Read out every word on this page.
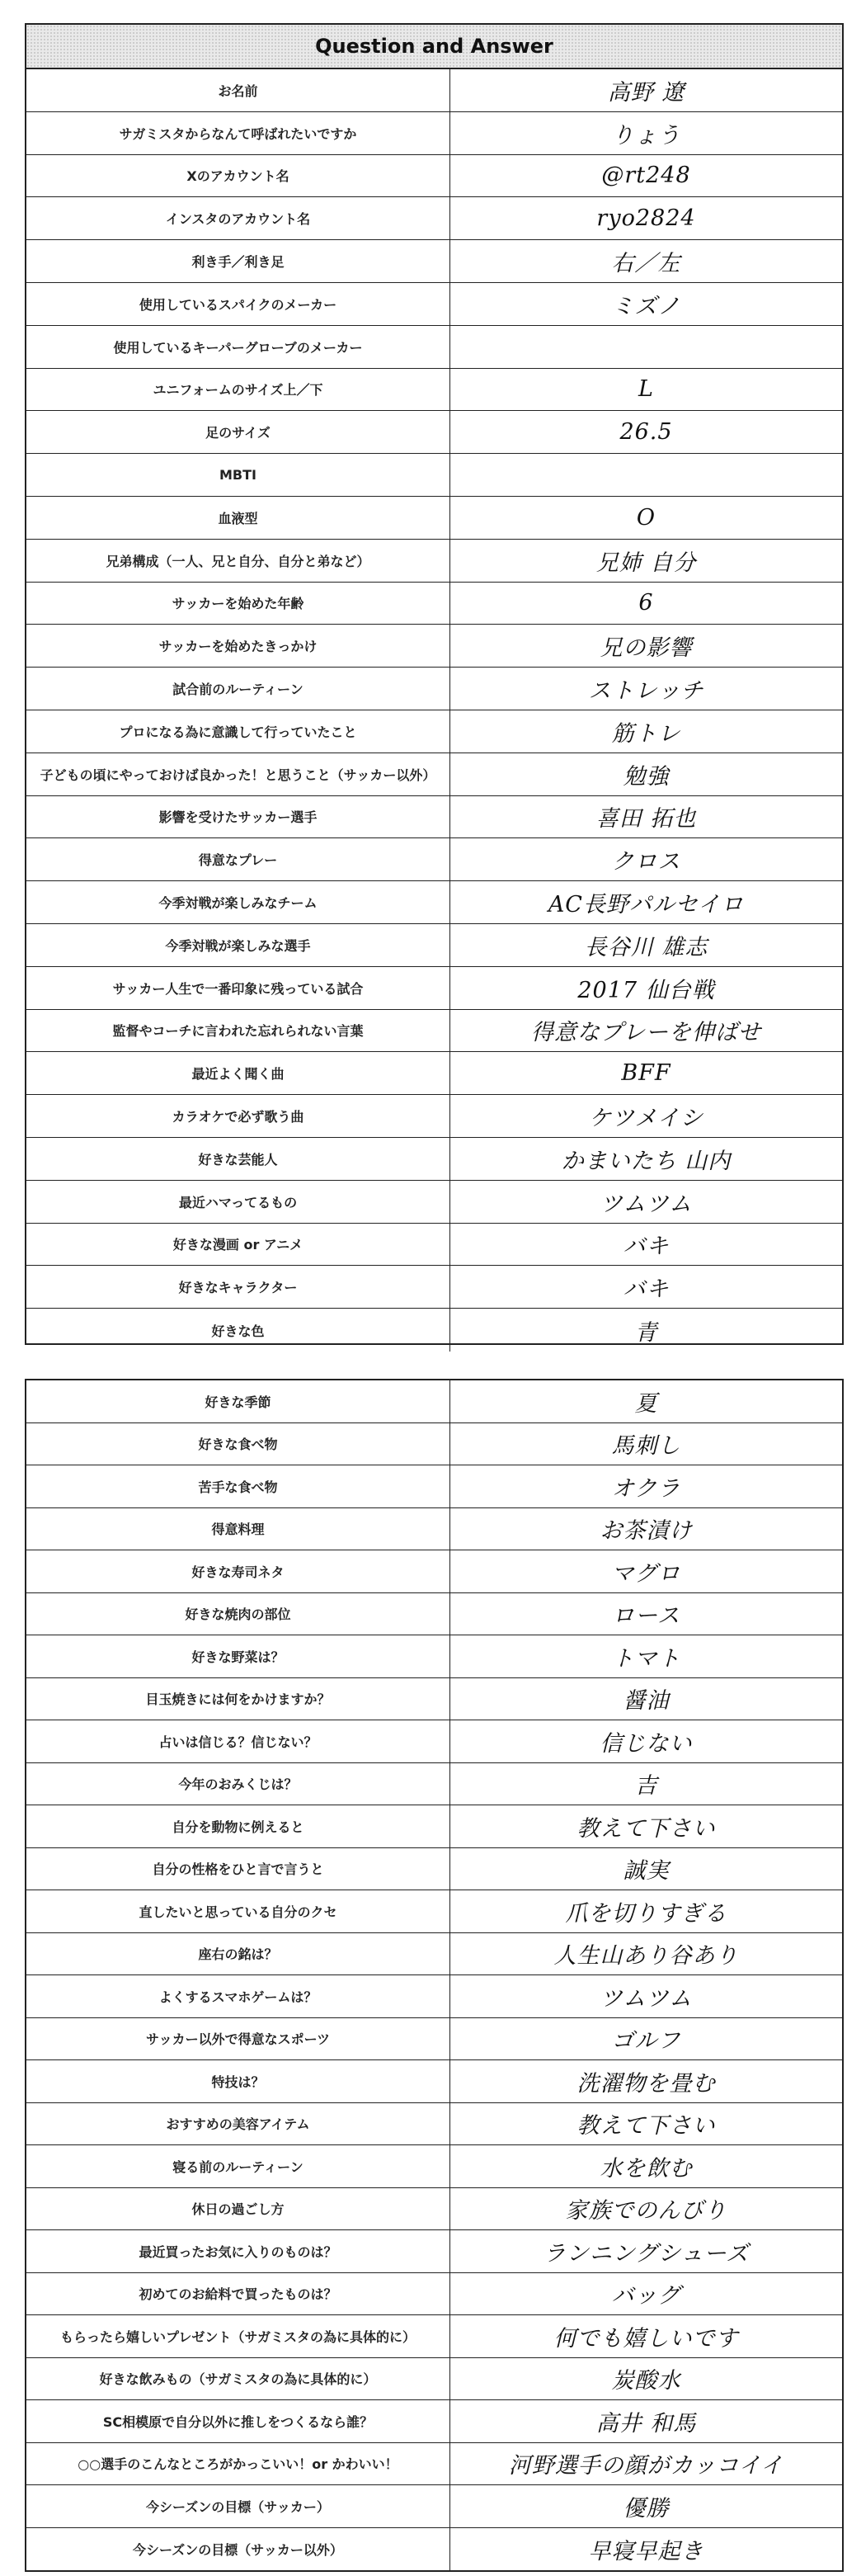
Question and Answer
お名前	高野 遼
サガミスタからなんて呼ばれたいですか	りょう
Xのアカウント名	@rt248
インスタのアカウント名	ryo2824
利き手／利き足	右／左
使用しているスパイクのメーカー	ミズノ
使用しているキーパーグローブのメーカー
ユニフォームのサイズ上／下	L
足のサイズ	26.5
MBTI
血液型	O
兄弟構成（一人、兄と自分、自分と弟など）	兄姉 自分
サッカーを始めた年齢	6
サッカーを始めたきっかけ	兄の影響
試合前のルーティーン	ストレッチ
プロになる為に意識して行っていたこと	筋トレ
子どもの頃にやっておけば良かった！と思うこと（サッカー以外）	勉強
影響を受けたサッカー選手	喜田 拓也
得意なプレー	クロス
今季対戦が楽しみなチーム	AC長野パルセイロ
今季対戦が楽しみな選手	長谷川 雄志
サッカー人生で一番印象に残っている試合	2017 仙台戦
監督やコーチに言われた忘れられない言葉	得意なプレーを伸ばせ
最近よく聞く曲	BFF
カラオケで必ず歌う曲	ケツメイシ
好きな芸能人	かまいたち 山内
最近ハマってるもの	ツムツム
好きな漫画 or アニメ	バキ
好きなキャラクター	バキ
好きな色	青
好きな季節	夏
好きな食べ物	馬刺し
苦手な食べ物	オクラ
得意料理	お茶漬け
好きな寿司ネタ	マグロ
好きな焼肉の部位	ロース
好きな野菜は？	トマト
目玉焼きには何をかけますか？	醤油
占いは信じる？信じない？	信じない
今年のおみくじは？	吉
自分を動物に例えると	教えて下さい
自分の性格をひと言で言うと	誠実
直したいと思っている自分のクセ	爪を切りすぎる
座右の銘は？	人生山あり谷あり
よくするスマホゲームは？	ツムツム
サッカー以外で得意なスポーツ	ゴルフ
特技は？	洗濯物を畳む
おすすめの美容アイテム	教えて下さい
寝る前のルーティーン	水を飲む
休日の過ごし方	家族でのんびり
最近買ったお気に入りのものは？	ランニングシューズ
初めてのお給料で買ったものは？	バッグ
もらったら嬉しいプレゼント（サガミスタの為に具体的に）	何でも嬉しいです
好きな飲みもの（サガミスタの為に具体的に）	炭酸水
SC相模原で自分以外に推しをつくるなら誰？	高井 和馬
○○選手のこんなところがかっこいい！or かわいい！	河野選手の顔がカッコイイ
今シーズンの目標（サッカー）	優勝
今シーズンの目標（サッカー以外）	早寝早起き
